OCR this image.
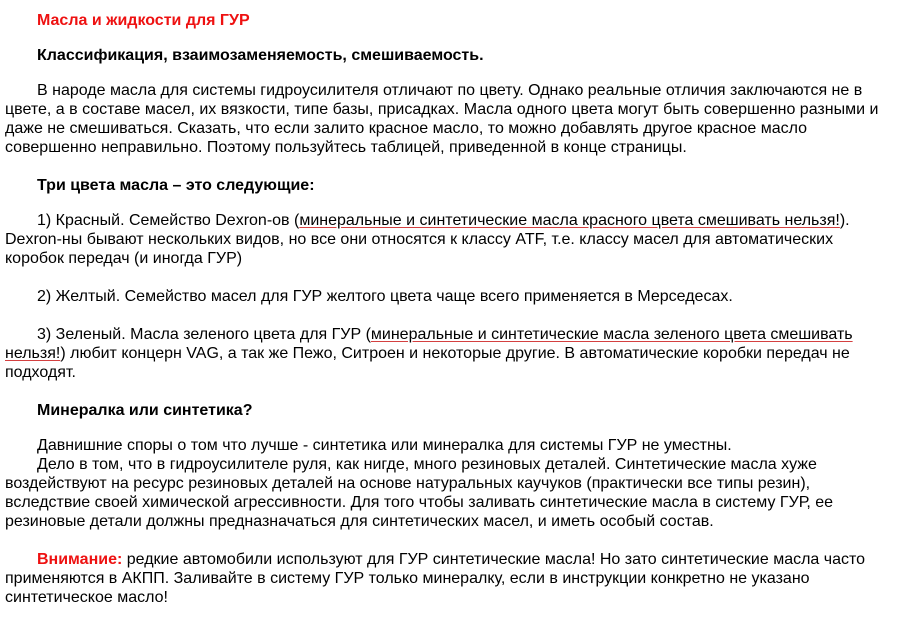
Масла и жидкости для ГУР
Классификация, взаимозаменяемость, смешиваемость.

В народе масла для системы гидроусилителя отличают по цвету. Однако реальные отличия заключаются не в цвете, а в составе масел, их вязкости, типе базы, присадках. Масла одного цвета могут быть совершенно разными и даже не смешиваться. Сказать, что если залито красное масло, то можно добавлять другое красное масло совершенно неправильно. Поэтому пользуйтесь таблицей, приведенной в конце страницы.

Три цвета масла – это следующие:

1) Красный. Семейство Dexron-ов (минеральные и синтетические масла красного цвета смешивать нельзя!). Dexron-ны бывают нескольких видов, но все они относятся к классу ATF, т.е. классу масел для автоматических коробок передач (и иногда ГУР)

2) Желтый. Семейство масел для ГУР желтого цвета чаще всего применяется в Мерседесах.

3) Зеленый. Масла зеленого цвета для ГУР (минеральные и синтетические масла зеленого цвета смешивать нельзя!) любит концерн VAG, а так же Пежо, Ситроен и некоторые другие. В автоматические коробки передач не подходят.

Минералка или синтетика?

Давнишние споры о том что лучше - синтетика или минералка для системы ГУР не уместны.

Дело в том, что в гидроусилителе руля, как нигде, много резиновых деталей. Синтетические масла хуже воздействуют на ресурс резиновых деталей на основе натуральных каучуков (практически все типы резин), вследствие своей химической агрессивности. Для того чтобы заливать синтетические масла в систему ГУР, ее резиновые детали должны предназначаться для синтетических масел, и иметь особый состав.

Внимание: редкие автомобили используют для ГУР синтетические масла! Но зато синтетические масла часто применяются в АКПП. Заливайте в систему ГУР только минералку, если в инструкции конкретно не указано синтетическое масло!
